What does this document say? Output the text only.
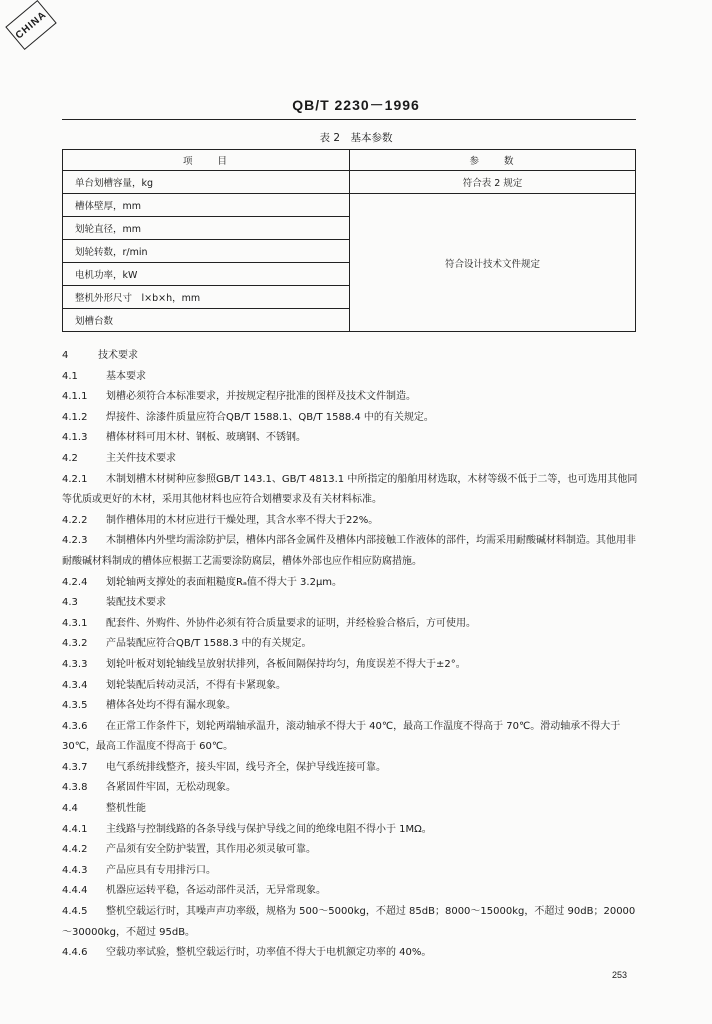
CHINA
QB/T 2230－1996
表 2　基本参数
项　　目	参　　数
单台划槽容量，kg	符合表 2 规定
槽体壁厚，mm	符合设计技术文件规定
划轮直径，mm	
划轮转数，r/min	
电机功率，kW	
整机外形尺寸　l×b×h，mm	
划槽台数	

4	技术要求

4.1	基本要求

4.1.1 划槽必须符合本标准要求，并按规定程序批准的图样及技术文件制造。

4.1.2 焊接件、涂漆件质量应符合QB/T 1588.1、QB/T 1588.4 中的有关规定。

4.1.3 槽体材料可用木材、钢板、玻璃钢、不锈钢。

4.2	主关件技术要求

4.2.1 木制划槽木材树种应参照GB/T 143.1、GB/T 4813.1 中所指定的船舶用材选取，木材等级不低于二等，也可选用其他同等优质或更好的木材，采用其他材料也应符合划槽要求及有关材料标准。

4.2.2 制作槽体用的木材应进行干燥处理，其含水率不得大于22%。

4.2.3 木制槽体内外壁均需涂防护层，槽体内部各金属件及槽体内部接触工作液体的部件，均需采用耐酸碱材料制造。其他用非耐酸碱材料制成的槽体应根据工艺需要涂防腐层，槽体外部也应作相应防腐措施。

4.2.4 划轮轴两支撑处的表面粗糙度Rₐ值不得大于 3.2μm。

4.3	装配技术要求

4.3.1 配套件、外购件、外协件必须有符合质量要求的证明，并经检验合格后，方可使用。

4.3.2 产品装配应符合QB/T 1588.3 中的有关规定。

4.3.3 划轮叶板对划轮轴线呈放射状排列，各板间隔保持均匀，角度误差不得大于±2°。

4.3.4 划轮装配后转动灵活，不得有卡紧现象。

4.3.5 槽体各处均不得有漏水现象。

4.3.6 在正常工作条件下，划轮两端轴承温升，滚动轴承不得大于 40℃，最高工作温度不得高于 70℃。滑动轴承不得大于 30℃，最高工作温度不得高于 60℃。

4.3.7 电气系统排线整齐，接头牢固，线号齐全，保护导线连接可靠。

4.3.8 各紧固件牢固，无松动现象。

4.4	整机性能

4.4.1 主线路与控制线路的各条导线与保护导线之间的绝缘电阻不得小于 1MΩ。

4.4.2 产品须有安全防护装置，其作用必须灵敏可靠。

4.4.3 产品应具有专用排污口。

4.4.4 机器应运转平稳，各运动部件灵活，无异常现象。

4.4.5 整机空载运行时，其噪声声功率级，规格为 500～5000kg，不超过 85dB；8000～15000kg，不超过 90dB；20000～30000kg，不超过 95dB。

4.4.6 空载功率试验，整机空载运行时，功率值不得大于电机额定功率的 40%。

253
